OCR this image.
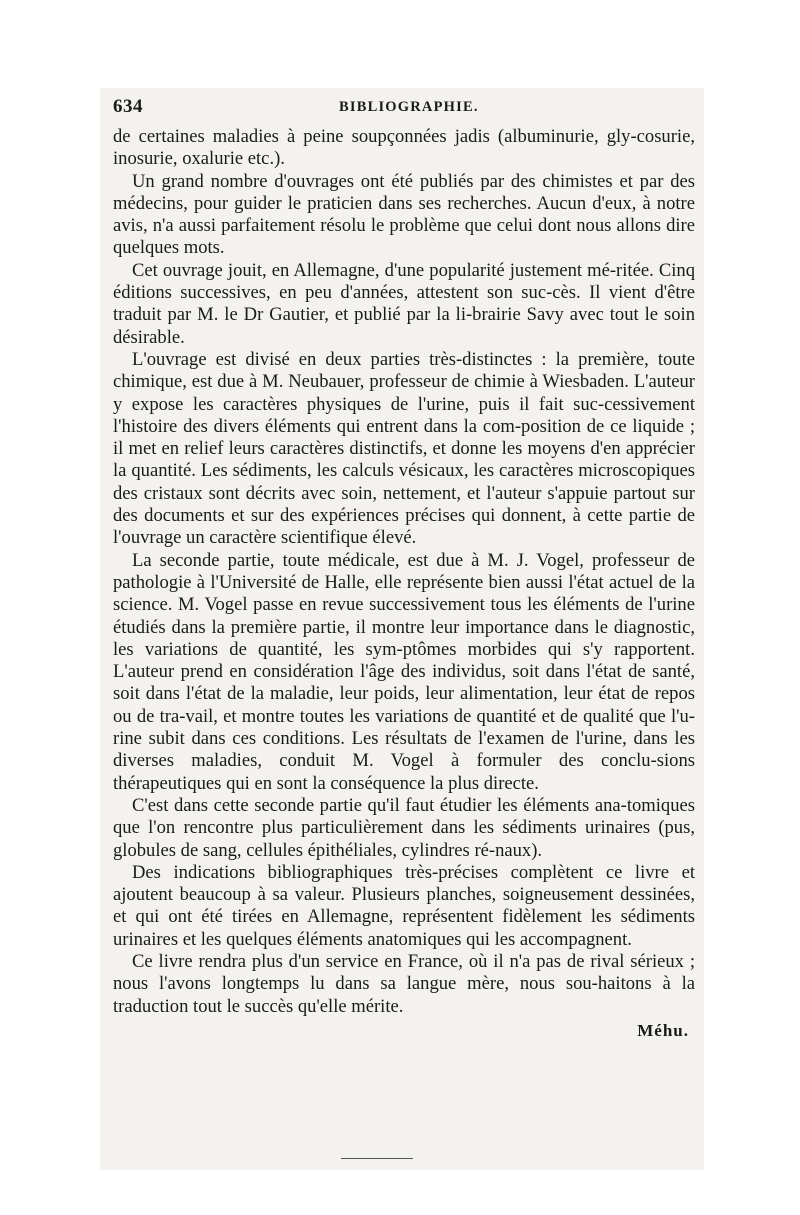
634	BIBLIOGRAPHIE.

de certaines maladies à peine soupçonnées jadis (albuminurie, gly-cosurie, inosurie, oxalurie etc.).

Un grand nombre d'ouvrages ont été publiés par des chimistes et par des médecins, pour guider le praticien dans ses recherches. Aucun d'eux, à notre avis, n'a aussi parfaitement résolu le problème que celui dont nous allons dire quelques mots.

Cet ouvrage jouit, en Allemagne, d'une popularité justement mé-ritée. Cinq éditions successives, en peu d'années, attestent son suc-cès. Il vient d'être traduit par M. le Dr Gautier, et publié par la li-brairie Savy avec tout le soin désirable.

L'ouvrage est divisé en deux parties très-distinctes : la première, toute chimique, est due à M. Neubauer, professeur de chimie à Wiesbaden. L'auteur y expose les caractères physiques de l'urine, puis il fait suc-cessivement l'histoire des divers éléments qui entrent dans la com-position de ce liquide ; il met en relief leurs caractères distinctifs, et donne les moyens d'en apprécier la quantité. Les sédiments, les calculs vésicaux, les caractères microscopiques des cristaux sont décrits avec soin, nettement, et l'auteur s'appuie partout sur des documents et sur des expériences précises qui donnent, à cette partie de l'ouvrage un caractère scientifique élevé.

La seconde partie, toute médicale, est due à M. J. Vogel, professeur de pathologie à l'Université de Halle, elle représente bien aussi l'état actuel de la science. M. Vogel passe en revue successivement tous les éléments de l'urine étudiés dans la première partie, il montre leur importance dans le diagnostic, les variations de quantité, les sym-ptômes morbides qui s'y rapportent. L'auteur prend en considération l'âge des individus, soit dans l'état de santé, soit dans l'état de la maladie, leur poids, leur alimentation, leur état de repos ou de tra-vail, et montre toutes les variations de quantité et de qualité que l'u-rine subit dans ces conditions. Les résultats de l'examen de l'urine, dans les diverses maladies, conduit M. Vogel à formuler des conclu-sions thérapeutiques qui en sont la conséquence la plus directe.

C'est dans cette seconde partie qu'il faut étudier les éléments ana-tomiques que l'on rencontre plus particulièrement dans les sédiments urinaires (pus, globules de sang, cellules épithéliales, cylindres ré-naux).

Des indications bibliographiques très-précises complètent ce livre et ajoutent beaucoup à sa valeur. Plusieurs planches, soigneusement dessinées, et qui ont été tirées en Allemagne, représentent fidèlement les sédiments urinaires et les quelques éléments anatomiques qui les accompagnent.

Ce livre rendra plus d'un service en France, où il n'a pas de rival sérieux ; nous l'avons longtemps lu dans sa langue mère, nous sou-haitons à la traduction tout le succès qu'elle mérite.

Méhu.
